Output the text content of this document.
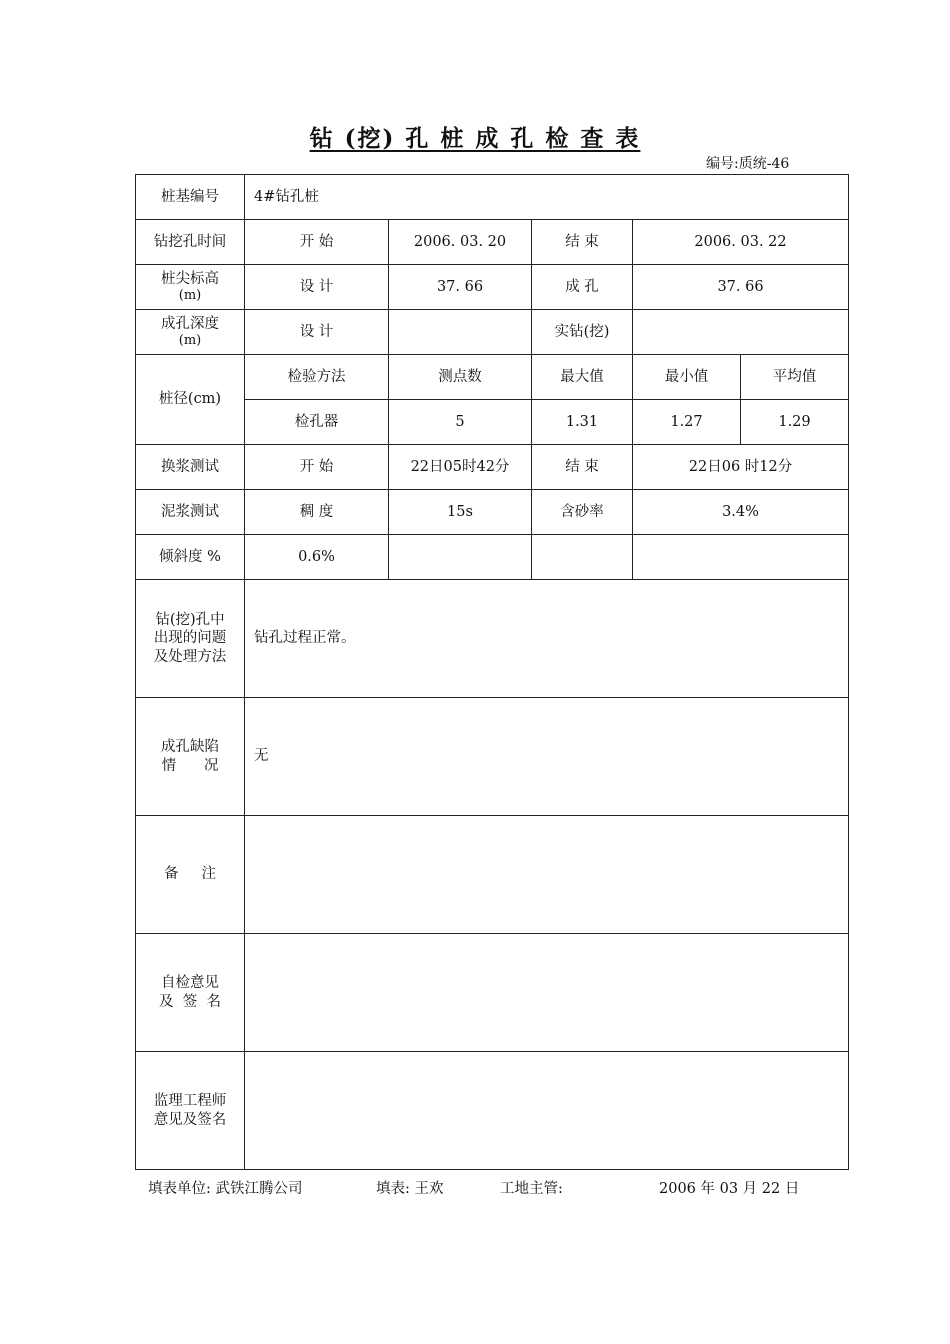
钻 (挖) 孔 桩 成 孔 检 查 表
编号:质统-46
桩基编号	4#钻孔桩				
钻挖孔时间	开 始	2006. 03. 20	结 束	2006. 03. 22	

桩尖标高
(m)	设 计	37. 66	成 孔	37. 66	

成孔深度
(m)	设 计		实钻(挖)		
桩径(cm)	检验方法	测点数	最大值	最小值	平均值
	检孔器	5	1.31	1.27	1.29
换浆测试	开 始	22日05时42分	结 束	22日06 时12分	
泥浆测试	稠 度	15s	含砂率	3.4%	
倾斜度 %	0.6%				

钻(挖)孔中
出现的问题
及处理方法	钻孔过程正常。				

成孔缺陷
情      况	无				
备     注					

自检意见
及  签  名					

监理工程师
意见及签名					

填表单位: 武铁江腾公司	填表: 王欢	工地主管:	2006 年 03 月 22 日
